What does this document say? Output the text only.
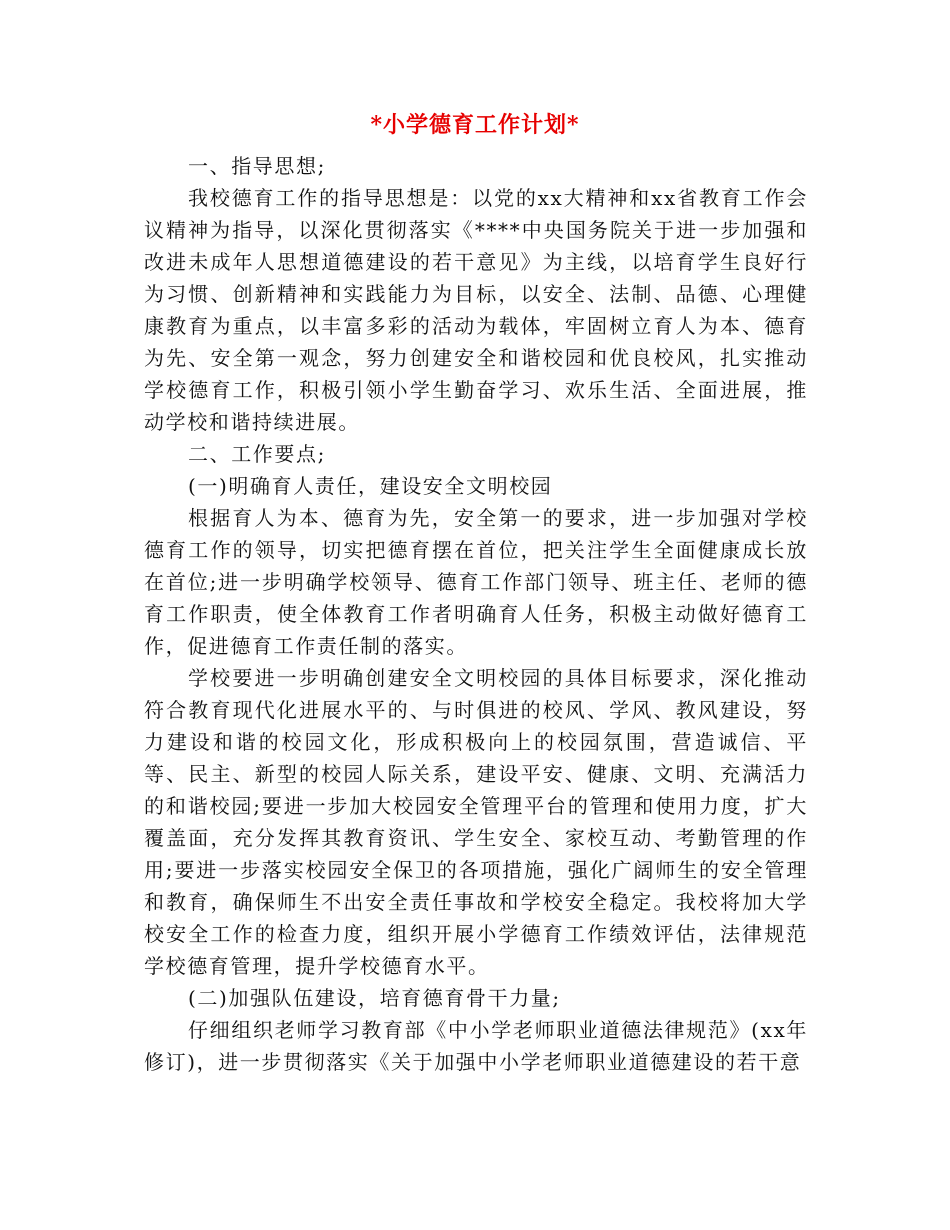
*小学德育工作计划*

一、指导思想;

我校德育工作的指导思想是：以党的xx大精神和xx省教育工作会议精神为指导，以深化贯彻落实《****中央国务院关于进一步加强和改进未成年人思想道德建设的若干意见》为主线，以培育学生良好行为习惯、创新精神和实践能力为目标，以安全、法制、品德、心理健康教育为重点，以丰富多彩的活动为载体，牢固树立育人为本、德育为先、安全第一观念，努力创建安全和谐校园和优良校风，扎实推动学校德育工作，积极引领小学生勤奋学习、欢乐生活、全面进展，推动学校和谐持续进展。

二、工作要点;

(一)明确育人责任，建设安全文明校园

根据育人为本、德育为先，安全第一的要求，进一步加强对学校德育工作的领导，切实把德育摆在首位，把关注学生全面健康成长放在首位;进一步明确学校领导、德育工作部门领导、班主任、老师的德育工作职责，使全体教育工作者明确育人任务，积极主动做好德育工作，促进德育工作责任制的落实。

学校要进一步明确创建安全文明校园的具体目标要求，深化推动符合教育现代化进展水平的、与时俱进的校风、学风、教风建设，努力建设和谐的校园文化，形成积极向上的校园氛围，营造诚信、平等、民主、新型的校园人际关系，建设平安、健康、文明、充满活力的和谐校园;要进一步加大校园安全管理平台的管理和使用力度，扩大覆盖面，充分发挥其教育资讯、学生安全、家校互动、考勤管理的作用;要进一步落实校园安全保卫的各项措施，强化广阔师生的安全管理和教育，确保师生不出安全责任事故和学校安全稳定。我校将加大学校安全工作的检查力度，组织开展小学德育工作绩效评估，法律规范学校德育管理，提升学校德育水平。

(二)加强队伍建设，培育德育骨干力量;

仔细组织老师学习教育部《中小学老师职业道德法律规范》(xx年修订)，进一步贯彻落实《关于加强中小学老师职业道德建设的若干意
